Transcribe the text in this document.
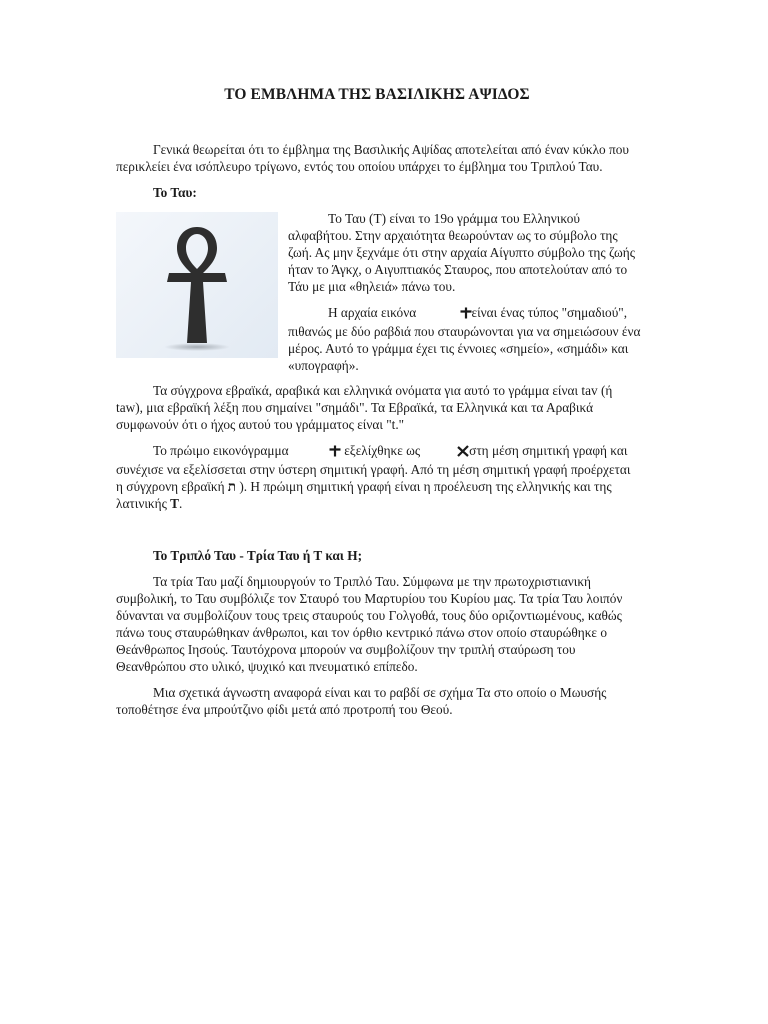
ΤΟ ΕΜΒΛΗΜΑ ΤΗΣ ΒΑΣΙΛΙΚΗΣ ΑΨΙΔΟΣ

Γενικά θεωρείται ότι το έμβλημα της Βασιλικής Αψίδας αποτελείται από έναν κύκλο που περικλείει ένα ισόπλευρο τρίγωνο, εντός του οποίου υπάρχει το έμβλημα του Τριπλού Ταυ.

Το Ταυ:

Το Ταυ (Τ) είναι το 19ο γράμμα του Ελληνικού αλφαβήτου. Στην αρχαιότητα θεωρούνταν ως το σύμβολο της ζωή. Ας μην ξεχνάμε ότι στην αρχαία Αίγυπτο σύμβολο της ζωής ήταν το Άγκχ, ο Αιγυπτιακός Σταυρος, που αποτελούταν από το Τάυ με μια «θηλειά» πάνω του.

Η αρχαία εικόνα	είναι ένας τύπος "σημαδιού", πιθανώς με δύο ραβδιά που σταυρώνονται για να σημειώσουν ένα μέρος. Αυτό το γράμμα έχει τις έννοιες «σημείο», «σημάδι» και «υπογραφή».

Τα σύγχρονα εβραϊκά, αραβικά και ελληνικά ονόματα για αυτό το γράμμα είναι tav (ή taw), μια εβραϊκή λέξη που σημαίνει "σημάδι". Τα Εβραϊκά, τα Ελληνικά και τα Αραβικά συμφωνούν ότι ο ήχος αυτού του γράμματος είναι "t."

Το πρώιμο εικονόγραμμα	εξελίχθηκε ως	στη μέση σημιτική γραφή και συνέχισε να εξελίσσεται στην ύστερη σημιτική γραφή. Από τη μέση σημιτική γραφή προέρχεται η σύγχρονη εβραϊκή ת ). Η πρώιμη σημιτική γραφή είναι η προέλευση της ελληνικής και της λατινικής T.

Το Τριπλό Ταυ - Τρία Ταυ ή Τ και Η;

Τα τρία Ταυ μαζί δημιουργούν το Τριπλό Ταυ. Σύμφωνα με την πρωτοχριστιανική συμβολική, το Ταυ συμβόλιζε τον Σταυρό του Μαρτυρίου του Κυρίου μας. Τα τρία Ταυ λοιπόν δύνανται να συμβολίζουν τους τρεις σταυρούς του Γολγοθά, τους δύο οριζοντιωμένους, καθώς πάνω τους σταυρώθηκαν άνθρωποι, και τον όρθιο κεντρικό πάνω στον οποίο σταυρώθηκε ο Θεάνθρωπος Ιησούς. Ταυτόχρονα μπορούν να συμβολίζουν την τριπλή σταύρωση του Θεανθρώπου στο υλικό, ψυχικό και πνευματικό επίπεδο.

Μια σχετικά άγνωστη αναφορά είναι και το ραβδί σε σχήμα Τα στο οποίο ο Μωυσής τοποθέτησε ένα μπρούτζινο φίδι μετά από προτροπή του Θεού.
